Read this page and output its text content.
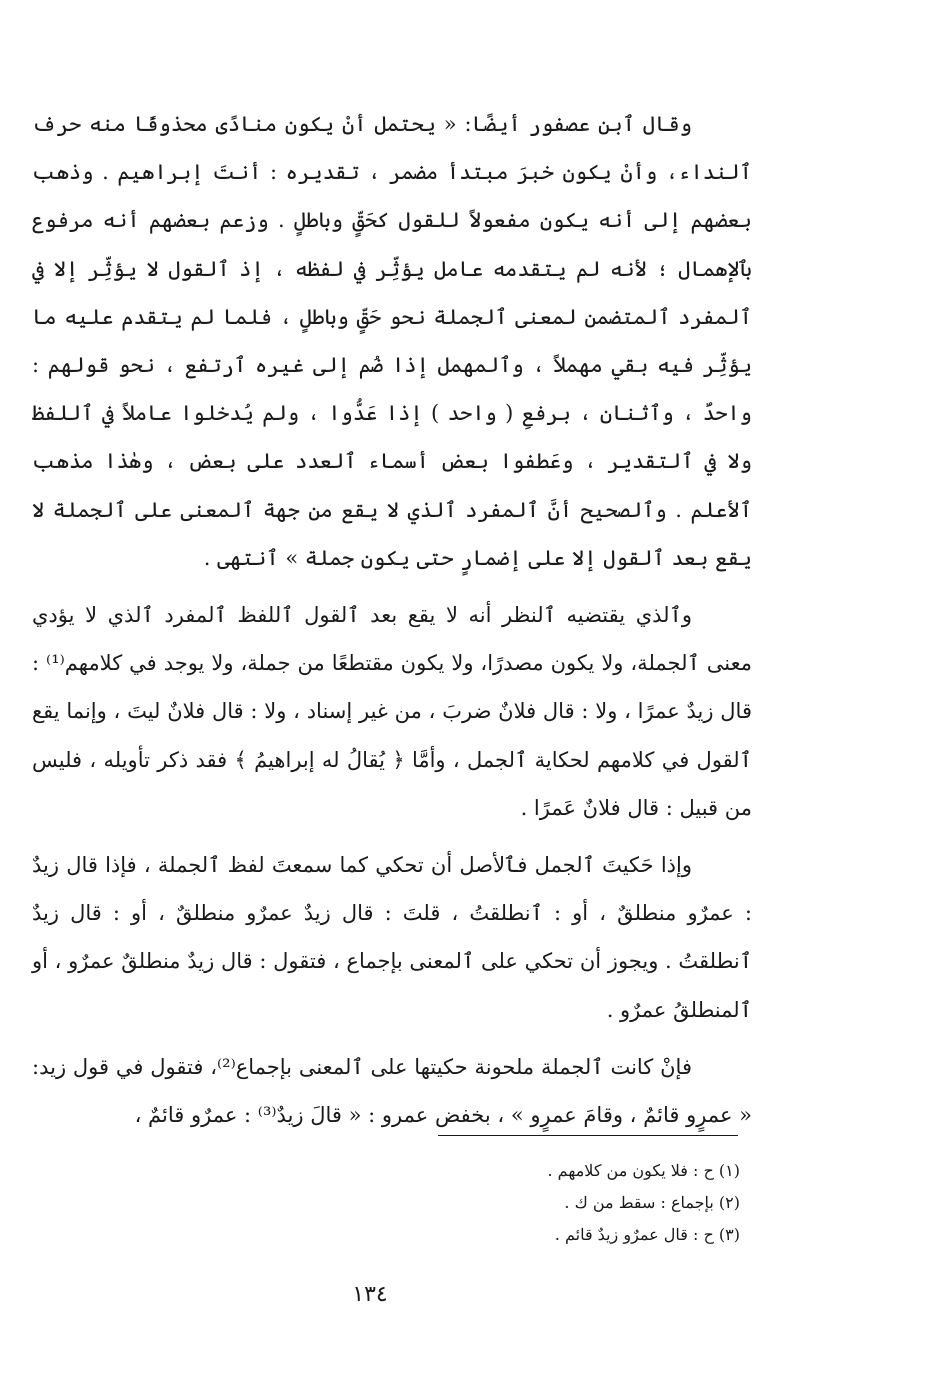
وقال ٱبن عصفور أيضًا: « يحتمل أنْ يكون منادًى محذوفًا منه حرف ٱلنداء، وأنْ يكون خبرَ مبتدأ مضمر ، تقديره : أنتَ إبراهيم . وذهب بعضهم إلى أنه يكون مفعولاً للقول كحَقٍّ وباطلٍ . وزعم بعضهم أنه مرفوع بٱلإهمال ؛ لأنه لم يتقدمه عامل يؤثِّر في لفظه ، إذ ٱلقول لا يؤثِّر إلا في ٱلمفرد ٱلمتضمن لمعنى ٱلجملة نحو حَقٍّ وباطلٍ ، فلما لم يتقدم عليه ما يؤثِّر فيه بقي مهملاً ، وٱلمهمل إذا ضُم إلى غيره ٱرتفع ، نحو قولهم : واحدٌ ، وٱثنان ، برفعِ ( واحد ) إذا عَدُّوا ، ولم يُدخلوا عاملاً في ٱللفظ ولا في ٱلتقدير ، وعَطفوا بعض أسماء ٱلعدد على بعض ، وهٰذا مذهب ٱلأعلم . وٱلصحيح أنَّ ٱلمفرد ٱلذي لا يقع من جهة ٱلمعنى على ٱلجملة لا يقع بعد ٱلقول إلا على إضمارٍ حتى يكون جملة » ٱنتهى .

وٱلذي يقتضيه ٱلنظر أنه لا يقع بعد ٱلقول ٱللفظ ٱلمفرد ٱلذي لا يؤدي معنى ٱلجملة، ولا يكون مصدرًا، ولا يكون مقتطعًا من جملة، ولا يوجد في كلامهم⁽¹⁾ : قال زيدٌ عمرًا ، ولا : قال فلانٌ ضربَ ، من غير إسناد ، ولا : قال فلانٌ ليتَ ، وإنما يقع ٱلقول في كلامهم لحكاية ٱلجمل ، وأمَّا ﴿ يُقالُ له إبراهيمُ ﴾ فقد ذكر تأويله ، فليس من قبيل : قال فلانٌ عَمرًا .

وإذا حَكيتَ ٱلجمل فٱلأصل أن تحكي كما سمعتَ لفظ ٱلجملة ، فإذا قال زيدٌ : عمرٌو منطلقٌ ، أو : ٱنطلقتُ ، قلتَ : قال زيدٌ عمرٌو منطلقٌ ، أو : قال زيدٌ ٱنطلقتُ . ويجوز أن تحكي على ٱلمعنى بإجماع ، فتقول : قال زيدٌ منطلقٌ عمرٌو ، أو ٱلمنطلقُ عمرٌو .

فإنْ كانت ٱلجملة ملحونة حكيتها على ٱلمعنى بإجماع⁽²⁾، فتقول في قول زيد: « عمرٍو قائمٌ ، وقامَ عمرٍو » ، بخفض عمرو : « قالَ زيدٌ⁽³⁾ : عمرٌو قائمٌ ،

(١) ح : فلا يكون من كلامهم .

(٢) بإجماع : سقط من ك .

(٣) ح : قال عمرٌو زيدٌ قائم .

١٣٤
